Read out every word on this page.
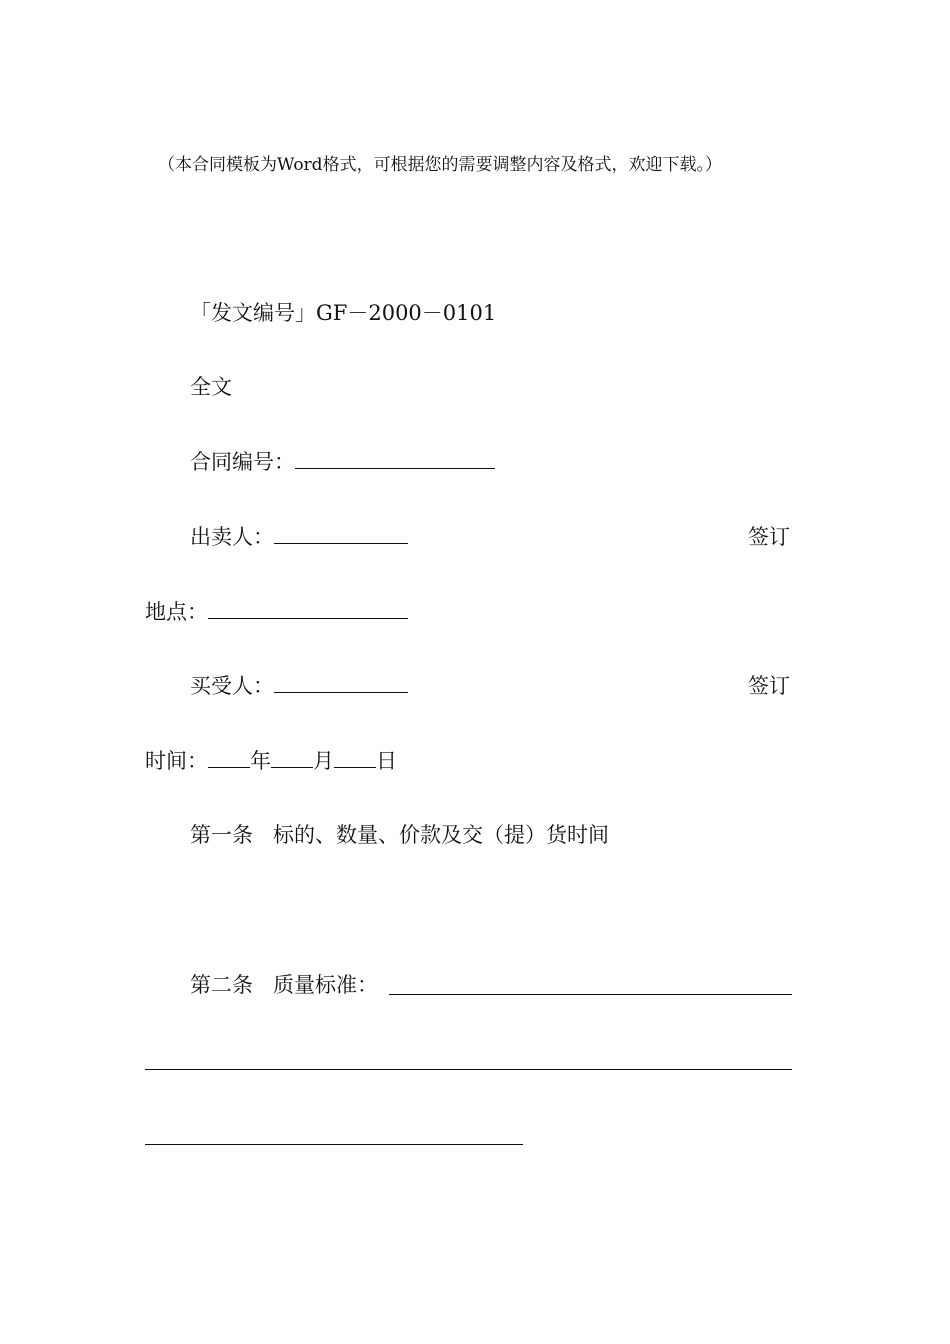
（本合同模板为Word格式，可根据您的需要调整内容及格式，欢迎下载。）
「发文编号」GF－2000－0101
全文
合同编号：
出卖人：	签订
地点：
买受人：	签订
时间： 年 月 日
第一条 标的、数量、价款及交（提）货时间
第二条 质量标准：
